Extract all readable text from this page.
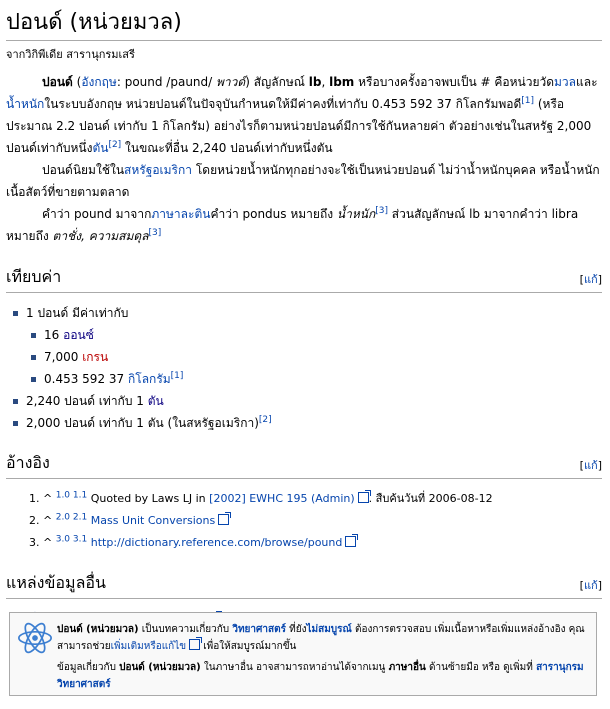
ปอนด์ (หน่วยมวล)
จากวิกิพีเดีย สารานุกรมเสรี

ปอนด์ (อังกฤษ: pound /paund/ พาวด์) สัญลักษณ์ lb, lbm หรือบางครั้งอาจพบเป็น # คือหน่วยวัดมวลและน้ำหนักในระบบอังกฤษ หน่วยปอนด์ในปัจจุบันกำหนดให้มีค่าคงที่เท่ากับ 0.453 592 37 กิโลกรัมพอดี[1] (หรือประมาณ 2.2 ปอนด์ เท่ากับ 1 กิโลกรัม) อย่างไรก็ตามหน่วยปอนด์มีการใช้กันหลายค่า ตัวอย่างเช่นในสหรัฐ 2,000 ปอนด์เท่ากับหนึ่งตัน[2] ในขณะที่อื่น 2,240 ปอนด์เท่ากับหนึ่งตัน

ปอนด์นิยมใช้ในสหรัฐอเมริกา โดยหน่วยน้ำหนักทุกอย่างจะใช้เป็นหน่วยปอนด์ ไม่ว่าน้ำหนักบุคคล หรือน้ำหนักเนื้อสัตว์ที่ขายตามตลาด

คำว่า pound มาจากภาษาละตินคำว่า pondus หมายถึง น้ำหนัก[3] ส่วนสัญลักษณ์ lb มาจากคำว่า libra หมายถึง ตาชั่ง, ความสมดุล[3]

เทียบค่า	[แก้]
1 ปอนด์ มีค่าเท่ากับ
16 ออนซ์
7,000 เกรน
0.453 592 37 กิโลกรัม[1]
2,240 ปอนด์ เท่ากับ 1 ตัน
2,000 ปอนด์ เท่ากับ 1 ตัน (ในสหรัฐอเมริกา)[2]
อ้างอิง	[แก้]
1. ^ $^{1.0 1.1}$ Quoted by Laws LJ in [2002] EWHC 195 (Admin) . สืบค้นวันที่ 2006-08-12
2. ^ $^{2.0 2.1}$ Mass Unit Conversions
3. ^ $^{3.0 3.1}$ http://dictionary.reference.com/browse/pound
แหล่งข้อมูลอื่น	[แก้]

ปอนด์ (หน่วยมวล) เป็นบทความเกี่ยวกับ วิทยาศาสตร์ ที่ยังไม่สมบูรณ์ ต้องการตรวจสอบ เพิ่มเนื้อหาหรือเพิ่มแหล่งอ้างอิง คุณสามารถช่วยเพิ่มเติมหรือแก้ไข เพื่อให้สมบูรณ์มากขึ้น

ข้อมูลเกี่ยวกับ ปอนด์ (หน่วยมวล) ในภาษาอื่น อาจสามารถหาอ่านได้จากเมนู ภาษาอื่น ด้านซ้ายมือ หรือ ดูเพิ่มที่ สารานุกรมวิทยาศาสตร์
